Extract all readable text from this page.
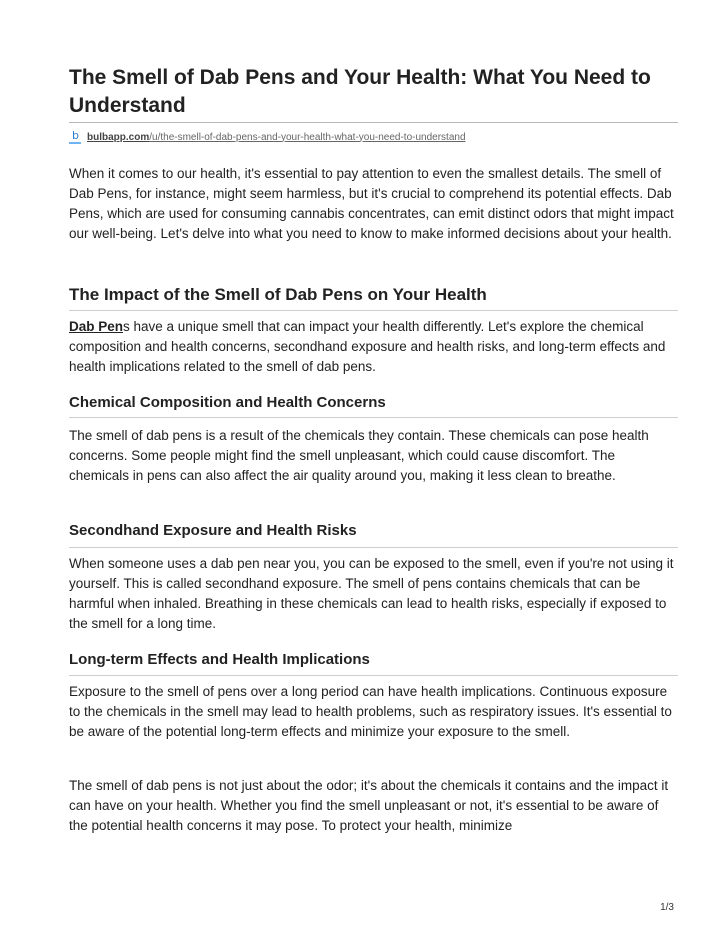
The Smell of Dab Pens and Your Health: What You Need to Understand
b bulbapp.com /u/the-smell-of-dab-pens-and-your-health-what-you-need-to-understand

When it comes to our health, it's essential to pay attention to even the smallest details. The smell of Dab Pens, for instance, might seem harmless, but it's crucial to comprehend its potential effects. Dab Pens, which are used for consuming cannabis concentrates, can emit distinct odors that might impact our well-being. Let's delve into what you need to know to make informed decisions about your health.

The Impact of the Smell of Dab Pens on Your Health

Dab Pens have a unique smell that can impact your health differently. Let's explore the chemical composition and health concerns, secondhand exposure and health risks, and long-term effects and health implications related to the smell of dab pens.

Chemical Composition and Health Concerns

The smell of dab pens is a result of the chemicals they contain. These chemicals can pose health concerns. Some people might find the smell unpleasant, which could cause discomfort. The chemicals in pens can also affect the air quality around you, making it less clean to breathe.

Secondhand Exposure and Health Risks

When someone uses a dab pen near you, you can be exposed to the smell, even if you're not using it yourself. This is called secondhand exposure. The smell of pens contains chemicals that can be harmful when inhaled. Breathing in these chemicals can lead to health risks, especially if exposed to the smell for a long time.

Long-term Effects and Health Implications

Exposure to the smell of pens over a long period can have health implications. Continuous exposure to the chemicals in the smell may lead to health problems, such as respiratory issues. It's essential to be aware of the potential long-term effects and minimize your exposure to the smell.

The smell of dab pens is not just about the odor; it's about the chemicals it contains and the impact it can have on your health. Whether you find the smell unpleasant or not, it's essential to be aware of the potential health concerns it may pose. To protect your health, minimize

1/3
